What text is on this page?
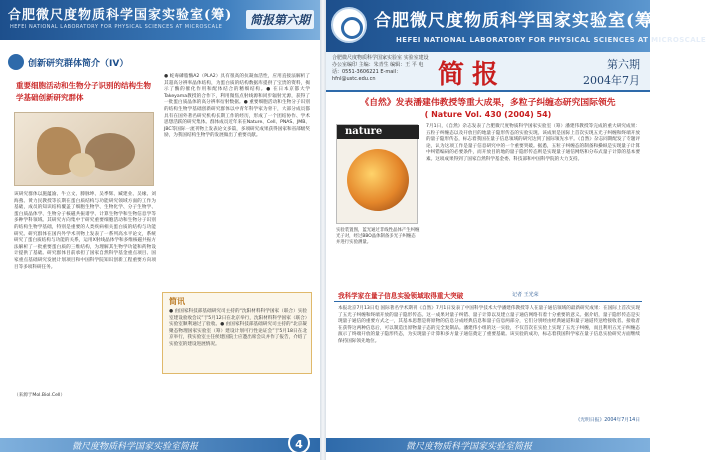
合肥微尺度物质科学国家实验室(筹)
HEFEI NATIONAL LABORATORY FOR PHYSICAL SCIENCES AT MICROSCALE	简报第六期
创新研究群体简介（IV）
重要细胞活动和生物分子识别的结构生物学基础创新研究群体
该研究群体以施蕴渝、牛立文、滕脉坤、吴季辉、臧建业、吴缘、刘海燕、黄力民教授等长期在蛋白质结构与功能研究领域方面的工作为基础，成员的知识结构覆盖了细胞生物学、生物化学、分子生物学、蛋白质晶体学、生物分子核磁共振谱学、计算生物学和生物信息学等多种学科领域。其研究方向集中于研究重要细胞活动和生物分子识别的结构生物学基础，特别是重要的人类疾病相关蛋白质的结构与功能研究。研究群体在国内外学术刊物上发表了一系列高水平论文，系统研究了蛋白质结构与功能的关系，运用X射线晶体学和多维核磁共振方法解析了一批重要蛋白质的三维结构，为理解其生物学功能和药物设计提供了基础。研究群体目前承担了国家自然科学基金重点项目、国家重点基础研究发展计划项目和中国科学院知识创新工程重要方向项目等多项科研任务。
（来源于Mol.Biol.Cell）
● 蛇毒磷脂酶A2（PLA2）具有很高的抗凝血活性，应用直接法解析了其超高分辨率晶体结构，为蛋白质的结构数据库提供了宝贵的资料，揭示了酶的催化作用和配体结合的精细结构。● 在日本京都大学Takeyama教授的合作下，利用微焦点射线源和同步辐射光源，获得了一批蛋白质晶体的高分辨率衍射数据。● 重要细胞活动和生物分子识别的结构生物学基础创新研究群体以中青年科学家为骨干，大部分成员都具有在国外著名研究机构长期工作的经历，形成了一个团结协作、学术思想活跃的研究集体。群体成员近年来在Nature、Cell、PNAS、JMB、JBC等国际一流刊物上发表论文多篇，多项研究成果获得国家和省部级奖励，为我国结构生物学的发展做出了重要贡献。
简讯
● 由国家科技部基础研究司主持的“沈阳材料科学国家（联合）实验室建设验收会议”于5月12日在北京举行，沈阳材料科学国家（联合）实验室顺利通过了验收。● 由国家科技部基础研究司主持的“北京凝聚态物理国家实验室（筹）建设计划可行性论证会”于5月18日在北京举行，我实验室主任侯建国院士应邀出席会议并作了报告，介绍了实验室的建设进展情况。
微尺度物质科学国家实验室简报	4
合肥微尺度物质科学国家实验室(筹)
HEFEI NATIONAL LABORATORY FOR PHYSICAL SCIENCES AT MICROSCALE
合肥微尺度物质科学国家实验室 实验室建设办公室编印 主编：朱青生 编辑：王 平 电话：0551-3606221 E-mail：hfnl@ustc.edu.cn	简报	第六期
2004年7月
《自然》发表潘建伟教授等重大成果，多粒子纠缠态研究国际领先
( Nature Vol. 430 (2004) 54)
nature
实验装置图，蓝光通过非线性晶体产生纠缠光子对，经过BBO晶体制备多光子纠缠态并进行实验测量。
7月1日，《自然》杂志发表了合肥微尺度物质科学国家实验室（筹）潘建伟教授等完成的重大研究成果：五粒子纠缠态以及开放目的地量子隐形传态的实验实现。该成果是国际上首次实现五光子纠缠和终端开放的量子隐形传态，标志着我国在量子信息领域的研究达到了国际领先水平。《自然》杂志同期配发了专题评论，认为这项工作是量子信息研究中的一个重要突破。据悉，五粒子纠缠态的制备和操纵是实现量子计算中纠错编码的必要条件，而开放目的地的量子隐形传态则是实现量子通信网络和分布式量子计算的基本要素。这项成果得到了国家自然科学基金委、科技部和中国科学院的大力支持。
我科学家在量子信息实验领域取得重大突破	记者 王光荣
本报北京7月13日电 国际著名学术期刊《自然》7月1日发表了中国科学技术大学潘建伟教授等人在量子通信领域的最新研究成果：在国际上首次实现了五光子纠缠和终端开放的量子隐形传态。这一成果对量子纠错、量子计算以及建立量子通信网络有着十分重要的意义。据介绍，量子隐形传态是实现量子通信的重要方式之一，其基本思想是将原物的信息分成经典信息和量子信息两部分，它们分别经由经典通道和量子通道传送给接收者。接收者在获得这两种信息后，可以制造出原物量子态的完全复制品。潘建伟小组的这一实验，不仅首次在实验上实现了五光子纠缠，而且利用五光子纠缠态演示了终端开放的量子隐形传态，为实现量子计算和多方量子通信奠定了重要基础。该实验的成功，标志着我国科学家在量子信息实验研究方面继续保持国际领先地位。
《光明日报》2004年7月14日
微尺度物质科学国家实验室简报
